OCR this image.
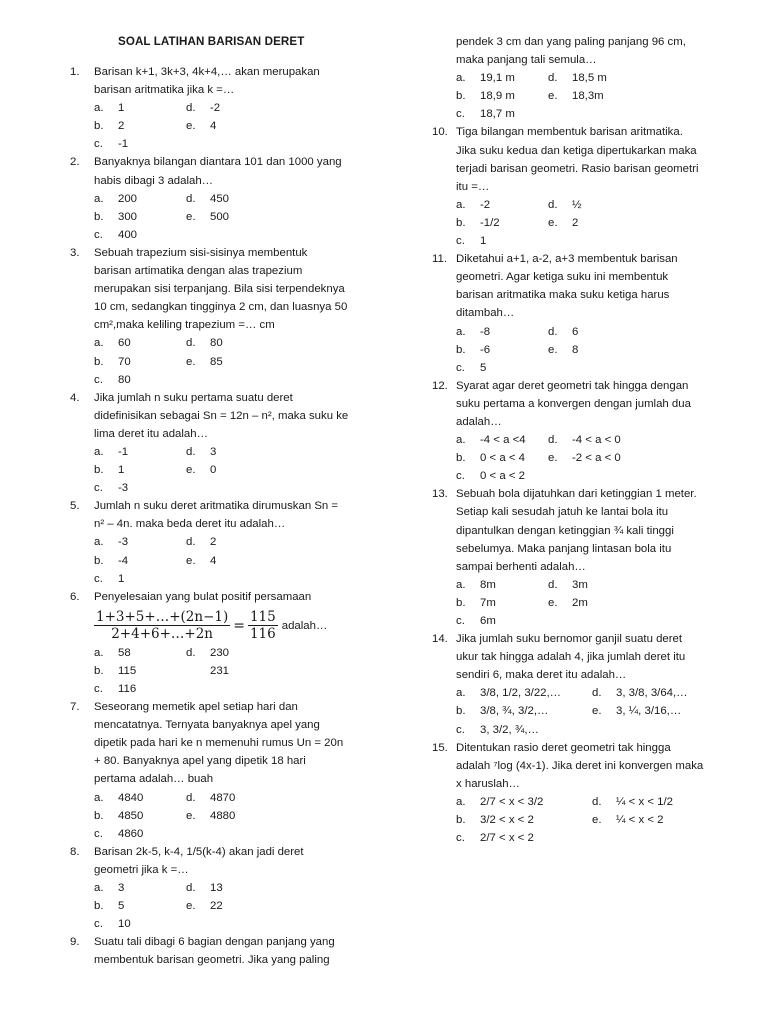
SOAL LATIHAN BARISAN DERET
1. Barisan k+1, 3k+3, 4k+4,… akan merupakan
barisan aritmatika jika k =…
a.	1	d.	-2
b.	2	e.	4
c.	-1
2. Banyaknya bilangan diantara 101 dan 1000 yang
habis dibagi 3 adalah…
a.	200	d.	450
b.	300	e.	500
c.	400
3. Sebuah trapezium sisi-sisinya membentuk
barisan artimatika dengan alas trapezium
merupakan sisi terpanjang. Bila sisi terpendeknya
10 cm, sedangkan tingginya 2 cm, dan luasnya 50
cm²,maka keliling trapezium =… cm
a.	60	d.	80
b.	70	e.	85
c.	80
4. Jika jumlah n suku pertama suatu deret
didefinisikan sebagai Sn = 12n – n², maka suku ke
lima deret itu adalah…
a.	-1	d.	3
b.	1	e.	0
c.	-3
5. Jumlah n suku deret aritmatika dirumuskan Sn =
n² – 4n. maka beda deret itu adalah…
a.	-3	d.	2
b.	-4	e.	4
c.	1
6. Penyelesaian yang bulat positif persamaan
$\frac{1+3+5+\dots+(2n-1)}{2+4+6+\dots+2n} = \frac{115}{116}$ adalah…
a.	58	d.	230
b.	115	231
c.	116
7. Seseorang memetik apel setiap hari dan
mencatatnya. Ternyata banyaknya apel yang
dipetik pada hari ke n memenuhi rumus Un = 20n
+ 80. Banyaknya apel yang dipetik 18 hari
pertama adalah… buah
a.	4840	d.	4870
b.	4850	e.	4880
c.	4860
8. Barisan 2k-5, k-4, 1/5(k-4) akan jadi deret
geometri jika k =…
a.	3	d.	13
b.	5	e.	22
c.	10
9. Suatu tali dibagi 6 bagian dengan panjang yang
membentuk barisan geometri. Jika yang paling
pendek 3 cm dan yang paling panjang 96 cm,
maka panjang tali semula…
a.	19,1 m	d.	18,5 m
b.	18,9 m	e.	18,3m
c.	18,7 m
10. Tiga bilangan membentuk barisan aritmatika.
Jika suku kedua dan ketiga dipertukarkan maka
terjadi barisan geometri. Rasio barisan geometri
itu =…
a.	-2	d.	½
b.	-1/2	e.	2
c.	1
11. Diketahui a+1, a-2, a+3 membentuk barisan
geometri. Agar ketiga suku ini membentuk
barisan aritmatika maka suku ketiga harus
ditambah…
a.	-8	d.	6
b.	-6	e.	8
c.	5
12. Syarat agar deret geometri tak hingga dengan
suku pertama a konvergen dengan jumlah dua
adalah…
a.	-4 < a <4 d.	-4 < a < 0
b.	0 < a < 4 e.	-2 < a < 0
c.	0 < a < 2
13. Sebuah bola dijatuhkan dari ketinggian 1 meter.
Setiap kali sesudah jatuh ke lantai bola itu
dipantulkan dengan ketinggian ¾ kali tinggi
sebelumya. Maka panjang lintasan bola itu
sampai berhenti adalah…
a.	8m	d.	3m
b.	7m	e.	2m
c.	6m
14. Jika jumlah suku bernomor ganjil suatu deret
ukur tak hingga adalah 4, jika jumlah deret itu
sendiri 6, maka deret itu adalah…
a.	3/8, 1/2, 3/22,…	d.	3, 3/8, 3/64,…
b.	3/8, ¾, 3/2,…	e.	3, ¼, 3/16,…
c.	3, 3/2, ¾,…
15. Ditentukan rasio deret geometri tak hingga
adalah ⁷log (4x-1). Jika deret ini konvergen maka
x haruslah…
a.	2/7 < x < 3/2	d.	¼ < x < 1/2
b.	3/2 < x < 2	e.	¼ < x < 2
c.	2/7 < x < 2
